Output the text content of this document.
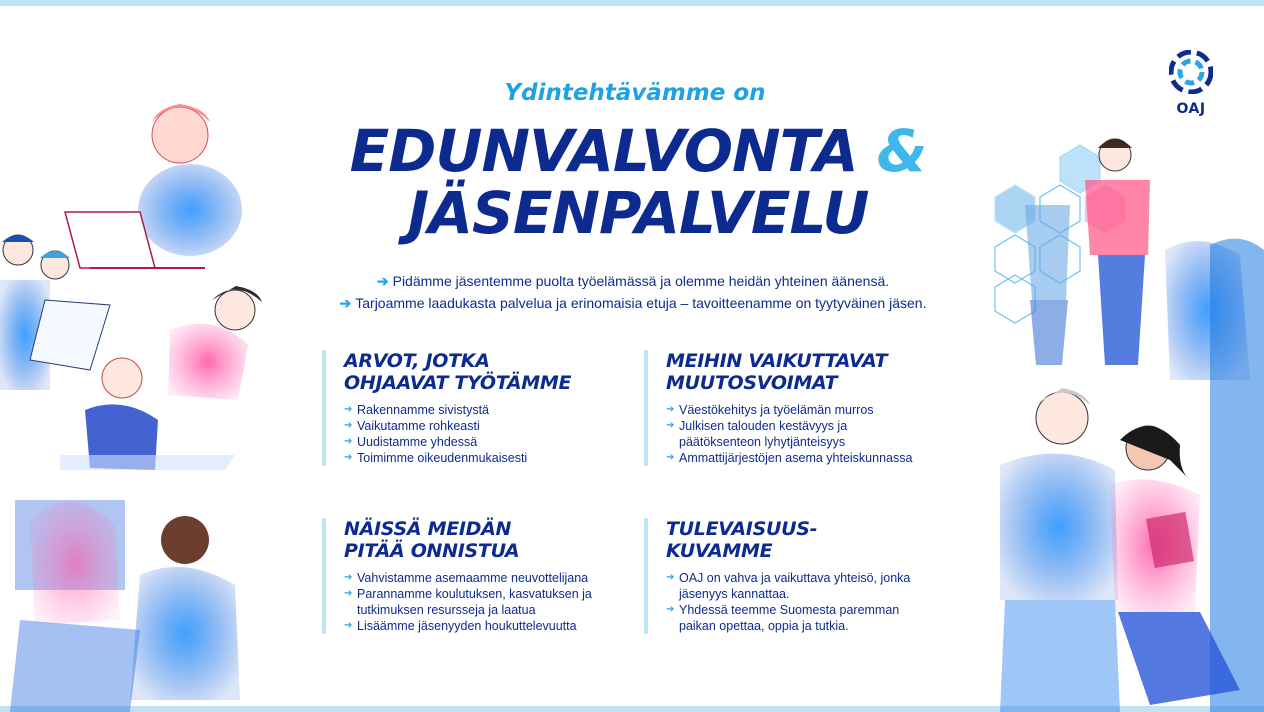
OAJ
Ydintehtävämme on
EDUNVALVONTA &
JÄSENPALVELU
➔ Pidämme jäsentemme puolta työelämässä ja olemme heidän yhteinen äänensä.
➔ Tarjoamme laadukasta palvelua ja erinomaisia etuja – tavoitteenamme on tyytyväinen jäsen.
ARVOT, JOTKA
OHJAAVAT TYÖTÄMME
➔ Rakennamme sivistystä
➔ Vaikutamme rohkeasti
➔ Uudistamme yhdessä
➔ Toimimme oikeudenmukaisesti
MEIHIN VAIKUTTAVAT
MUUTOSVOIMAT
➔ Väestökehitys ja työelämän murros
➔ Julkisen talouden kestävyys ja päätöksenteon lyhytjänteisyys
➔ Ammattijärjestöjen asema yhteiskunnassa
NÄISSÄ MEIDÄN
PITÄÄ ONNISTUA
➔ Vahvistamme asemaamme neuvottelijana
➔ Parannamme koulutuksen, kasvatuksen ja tutkimuksen resursseja ja laatua
➔ Lisäämme jäsenyyden houkuttelevuutta
TULEVAISUUS-
KUVAMME
➔ OAJ on vahva ja vaikuttava yhteisö, jonka jäsenyys kannattaa.
➔ Yhdessä teemme Suomesta paremman paikan opettaa, oppia ja tutkia.
